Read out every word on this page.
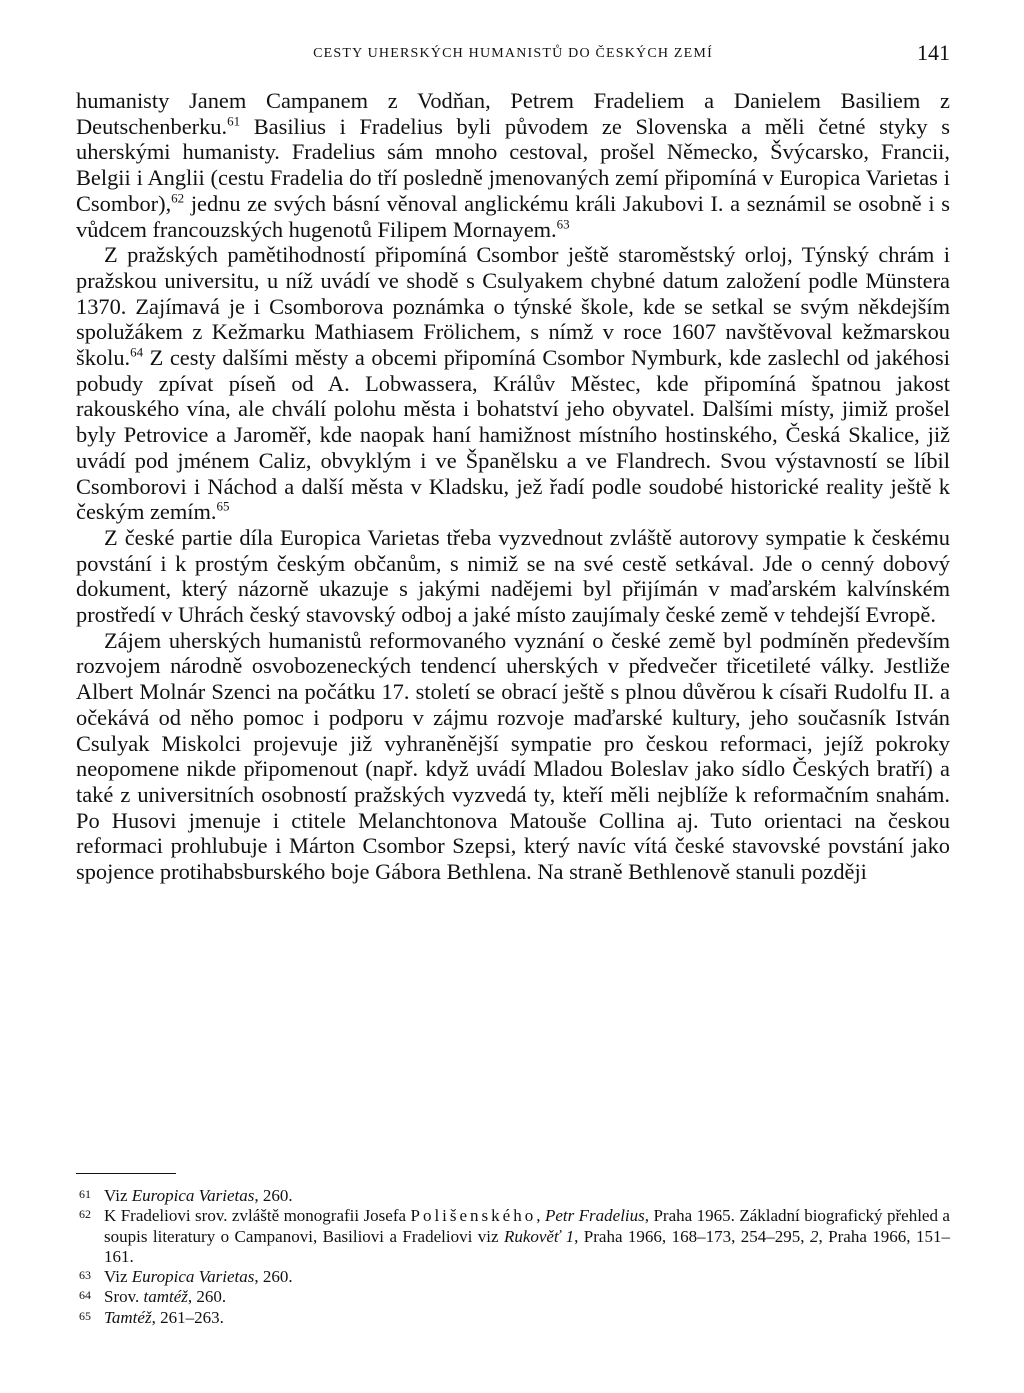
CESTY UHERSKÝCH HUMANISTŮ DO ČESKÝCH ZEMÍ	141

humanisty Janem Campanem z Vodňan, Petrem Fradeliem a Danielem Basiliem z Deutschenberku.$^{61}$ Basilius i Fradelius byli původem ze Slovenska a měli četné styky s uherskými humanisty. Fradelius sám mnoho cestoval, prošel Německo, Švýcarsko, Francii, Belgii i Anglii (cestu Fradelia do tří posledně jmenovaných zemí připomíná v Europica Varietas i Csombor),$^{62}$ jednu ze svých básní věnoval anglickému králi Jakubovi I. a seznámil se osobně i s vůdcem francouzských hugenotů Filipem Mornayem.$^{63}$

Z pražských pamětihodností připomíná Csombor ještě staroměstský orloj, Týnský chrám i pražskou universitu, u níž uvádí ve shodě s Csulyakem chybné datum založení podle Münstera 1370. Zajímavá je i Csomborova poznámka o týnské škole, kde se setkal se svým někdejším spolužákem z Kežmarku Mathiasem Frölichem, s nímž v roce 1607 navštěvoval kežmarskou školu.$^{64}$ Z cesty dalšími městy a obcemi připomíná Csombor Nymburk, kde zaslechl od jakéhosi pobudy zpívat píseň od A. Lobwassera, Králův Městec, kde připomíná špatnou jakost rakouského vína, ale chválí polohu města i bohatství jeho obyvatel. Dalšími místy, jimiž prošel byly Petrovice a Jaroměř, kde naopak haní hamižnost místního hostinského, Česká Skalice, již uvádí pod jménem Caliz, obvyklým i ve Španělsku a ve Flandrech. Svou výstavností se líbil Csomborovi i Náchod a další města v Kladsku, jež řadí podle soudobé historické reality ještě k českým zemím.$^{65}$

Z české partie díla Europica Varietas třeba vyzvednout zvláště autorovy sympatie k českému povstání i k prostým českým občanům, s nimiž se na své cestě setkával. Jde o cenný dobový dokument, který názorně ukazuje s jakými nadějemi byl přijímán v maďarském kalvínském prostředí v Uhrách český stavovský odboj a jaké místo zaujímaly české země v tehdejší Evropě.

Zájem uherských humanistů reformovaného vyznání o české země byl podmíněn především rozvojem národně osvobozeneckých tendencí uherských v předvečer třicetileté války. Jestliže Albert Molnár Szenci na počátku 17. století se obrací ještě s plnou důvěrou k císaři Rudolfu II. a očekává od něho pomoc i podporu v zájmu rozvoje maďarské kultury, jeho současník István Csulyak Miskolci projevuje již vyhraněnější sympatie pro českou reformaci, jejíž pokroky neopomene nikde připomenout (např. když uvádí Mladou Boleslav jako sídlo Českých bratří) a také z universitních osobností pražských vyzvedá ty, kteří měli nejblíže k reformačním snahám. Po Husovi jmenuje i ctitele Melanchtonova Matouše Collina aj. Tuto orientaci na českou reformaci prohlubuje i Márton Csombor Szepsi, který navíc vítá české stavovské povstání jako spojence protihabsburského boje Gábora Bethlena. Na straně Bethlenově stanuli později

61 Viz Europica Varietas, 260.
62 K Fradeliovi srov. zvláště monografii Josefa Polišenského, Petr Fradelius, Praha 1965. Základní biografický přehled a soupis literatury o Campanovi, Basiliovi a Fradeliovi viz Rukověť 1, Praha 1966, 168–173, 254–295, 2, Praha 1966, 151–161.
63 Viz Europica Varietas, 260.
64 Srov. tamtéž, 260.
65 Tamtéž, 261–263.
